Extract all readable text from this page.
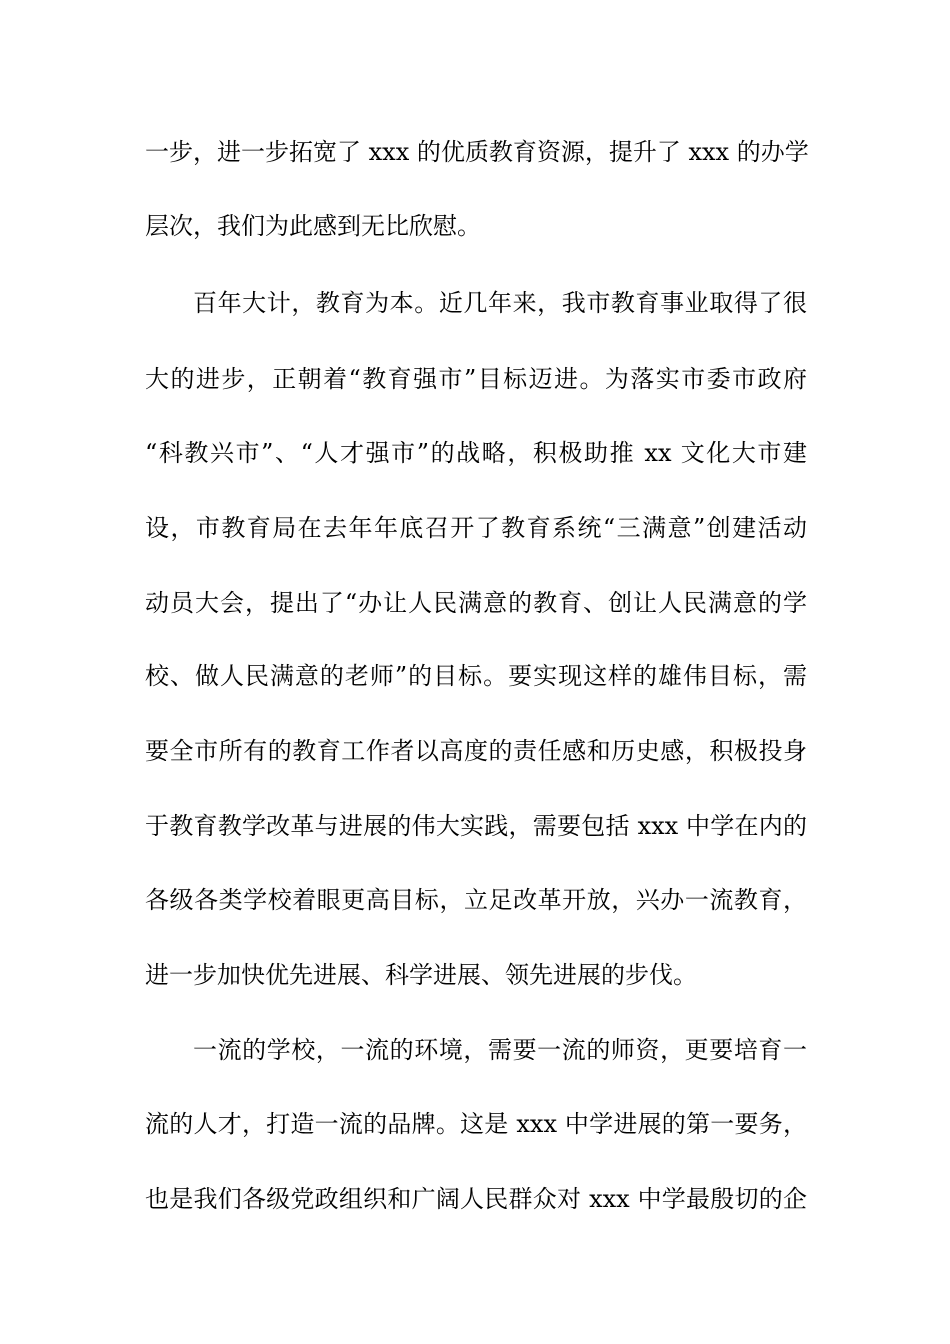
一步，进一步拓宽了 xxx 的优质教育资源，提升了 xxx 的办学
层次，我们为此感到无比欣慰。
百年大计，教育为本。近几年来，我市教育事业取得了很
大的进步，正朝着“教育强市”目标迈进。为落实市委市政府
“科教兴市”、“人才强市”的战略，积极助推 xx 文化大市建
设，市教育局在去年年底召开了教育系统“三满意”创建活动
动员大会，提出了“办让人民满意的教育、创让人民满意的学
校、做人民满意的老师”的目标。要实现这样的雄伟目标，需
要全市所有的教育工作者以高度的责任感和历史感，积极投身
于教育教学改革与进展的伟大实践，需要包括 xxx 中学在内的
各级各类学校着眼更高目标，立足改革开放，兴办一流教育，
进一步加快优先进展、科学进展、领先进展的步伐。
一流的学校，一流的环境，需要一流的师资，更要培育一
流的人才，打造一流的品牌。这是 xxx 中学进展的第一要务，
也是我们各级党政组织和广阔人民群众对 xxx 中学最殷切的企
